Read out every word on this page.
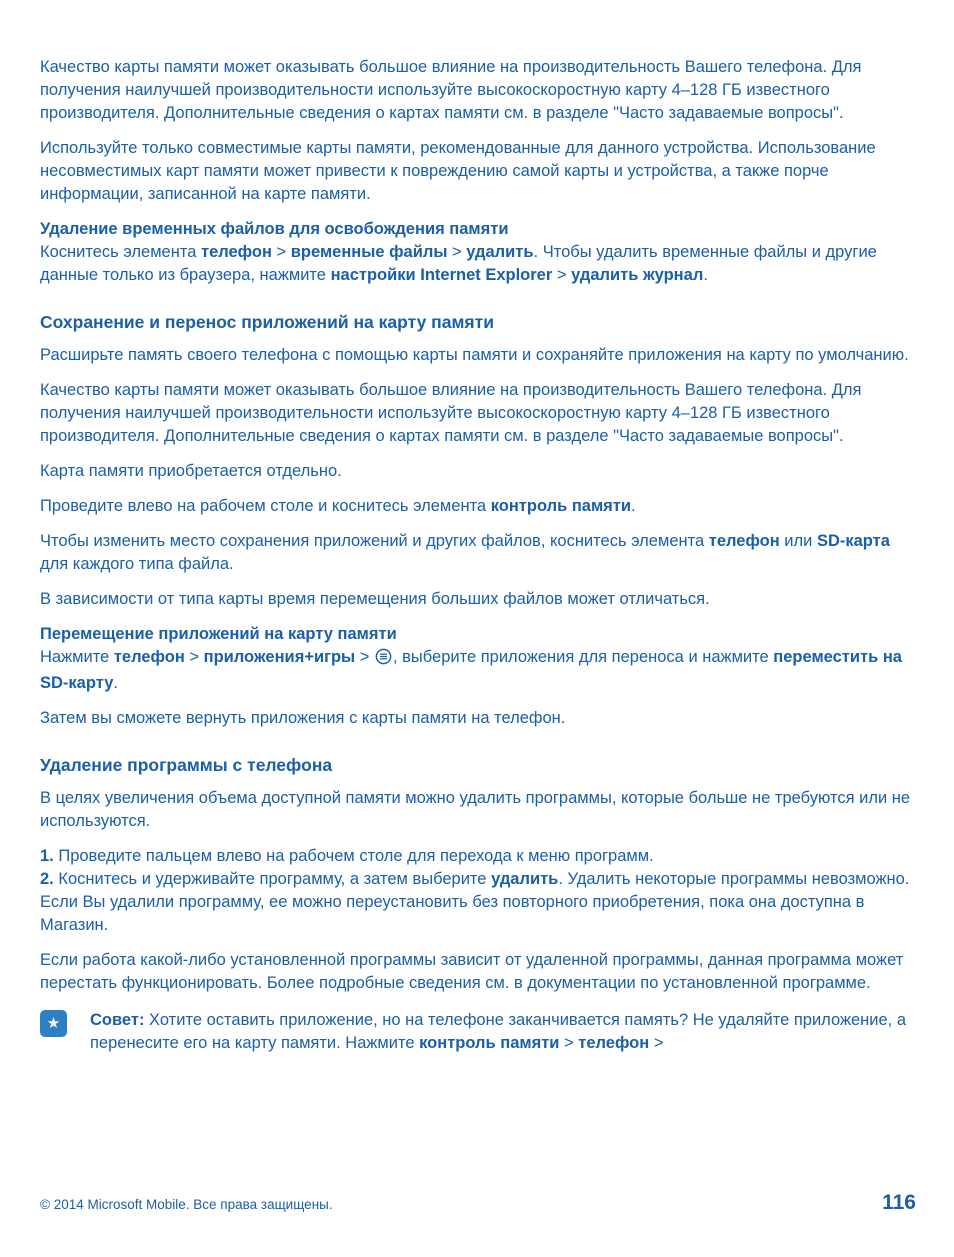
Качество карты памяти может оказывать большое влияние на производительность Вашего телефона. Для получения наилучшей производительности используйте высокоскоростную карту 4–128 ГБ известного производителя. Дополнительные сведения о картах памяти см. в разделе "Часто задаваемые вопросы".
Используйте только совместимые карты памяти, рекомендованные для данного устройства. Использование несовместимых карт памяти может привести к повреждению самой карты и устройства, а также порче информации, записанной на карте памяти.
Удаление временных файлов для освобождения памяти
Коснитесь элемента телефон > временные файлы > удалить. Чтобы удалить временные файлы и другие данные только из браузера, нажмите настройки Internet Explorer > удалить журнал.
Сохранение и перенос приложений на карту памяти
Расширьте память своего телефона с помощью карты памяти и сохраняйте приложения на карту по умолчанию.
Качество карты памяти может оказывать большое влияние на производительность Вашего телефона. Для получения наилучшей производительности используйте высокоскоростную карту 4–128 ГБ известного производителя. Дополнительные сведения о картах памяти см. в разделе "Часто задаваемые вопросы".
Карта памяти приобретается отдельно.
Проведите влево на рабочем столе и коснитесь элемента контроль памяти.
Чтобы изменить место сохранения приложений и других файлов, коснитесь элемента телефон или SD-карта для каждого типа файла.
В зависимости от типа карты время перемещения больших файлов может отличаться.
Перемещение приложений на карту памяти
Нажмите телефон > приложения+игры > , выберите приложения для переноса и нажмите переместить на SD-карту.
Затем вы сможете вернуть приложения с карты памяти на телефон.
Удаление программы с телефона
В целях увеличения объема доступной памяти можно удалить программы, которые больше не требуются или не используются.
1. Проведите пальцем влево на рабочем столе для перехода к меню программ.
2. Коснитесь и удерживайте программу, а затем выберите удалить. Удалить некоторые программы невозможно.
Если Вы удалили программу, ее можно переустановить без повторного приобретения, пока она доступна в Магазин.
Если работа какой-либо установленной программы зависит от удаленной программы, данная программа может перестать функционировать. Более подробные сведения см. в документации по установленной программе.
★	Совет: Хотите оставить приложение, но на телефоне заканчивается память? Не удаляйте приложение, а перенесите его на карту памяти. Нажмите контроль памяти > телефон >
© 2014 Microsoft Mobile. Все права защищены.	116
